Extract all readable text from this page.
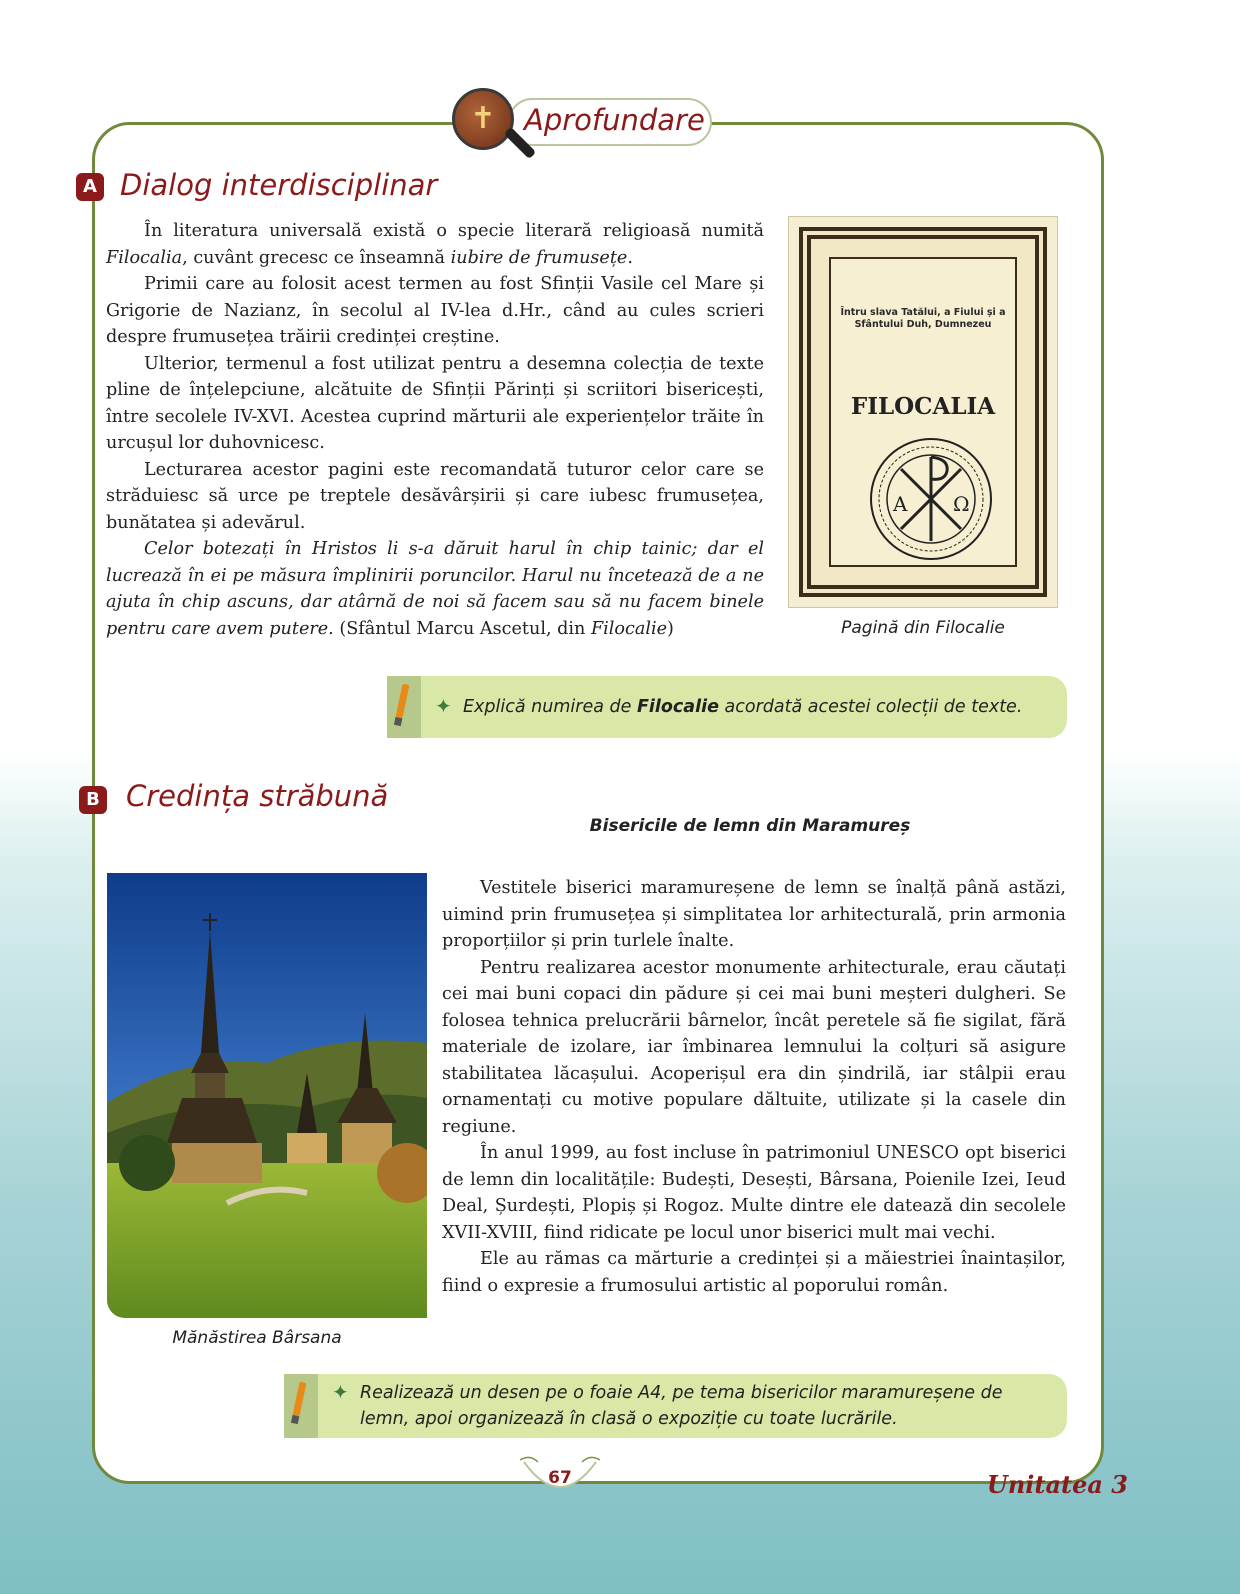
Aprofundare
✝
A Dialog interdisciplinar

În literatura universală există o specie literară religioasă numită Filocalia, cuvânt grecesc ce înseamnă iubire de frumusețe.

Primii care au folosit acest termen au fost Sfinții Vasile cel Mare și Grigorie de Nazianz, în secolul al IV-lea d.Hr., când au cules scrieri despre frumusețea trăirii credinței creștine.

Ulterior, termenul a fost utilizat pentru a desemna colecția de texte pline de înțelepciune, alcătuite de Sfinții Părinți și scriitori bisericești, între secolele IV-XVI. Acestea cuprind mărturii ale experiențelor trăite în urcușul lor duhovnicesc.

Lecturarea acestor pagini este recomandată tuturor celor care se străduiesc să urce pe treptele desăvârșirii și care iubesc frumusețea, bunătatea și adevărul.

Celor botezați în Hristos li s-a dăruit harul în chip tainic; dar el lucrează în ei pe măsura împlinirii poruncilor. Harul nu încetează de a ne ajuta în chip ascuns, dar atârnă de noi să facem sau să nu facem binele pentru care avem putere. (Sfântul Marcu Ascetul, din Filocalie)

Întru slava Tatălui, a Fiului și a Sfântului Duh, Dumnezeu
FILOCALIA
A Ω
Pagină din Filocalie
✦ Explică numirea de Filocalie acordată acestei colecții de texte.
B Credința străbună
Bisericile de lemn din Maramureș
Mănăstirea Bârsana

Vestitele biserici maramureșene de lemn se înalță până astăzi, uimind prin frumusețea și simplitatea lor arhitecturală, prin armonia proporțiilor și prin turlele înalte.

Pentru realizarea acestor monumente arhitecturale, erau căutați cei mai buni copaci din pădure și cei mai buni meșteri dulgheri. Se folosea tehnica prelucrării bârnelor, încât peretele să fie sigilat, fără materiale de izolare, iar îmbinarea lemnului la colțuri să asigure stabilitatea lăcașului. Acoperișul era din șindrilă, iar stâlpii erau ornamentați cu motive populare dăltuite, utilizate și la casele din regiune.

În anul 1999, au fost incluse în patrimoniul UNESCO opt biserici de lemn din localitățile: Budești, Desești, Bârsana, Poienile Izei, Ieud Deal, Șurdești, Plopiș și Rogoz. Multe dintre ele datează din secolele XVII-XVIII, fiind ridicate pe locul unor biserici mult mai vechi.

Ele au rămas ca mărturie a credinței și a măiestriei înaintașilor, fiind o expresie a frumosului artistic al poporului român.

✦ Realizează un desen pe o foaie A4, pe tema bisericilor maramureșene de lemn, apoi organizează în clasă o expoziție cu toate lucrările.
67	Unitatea 3
